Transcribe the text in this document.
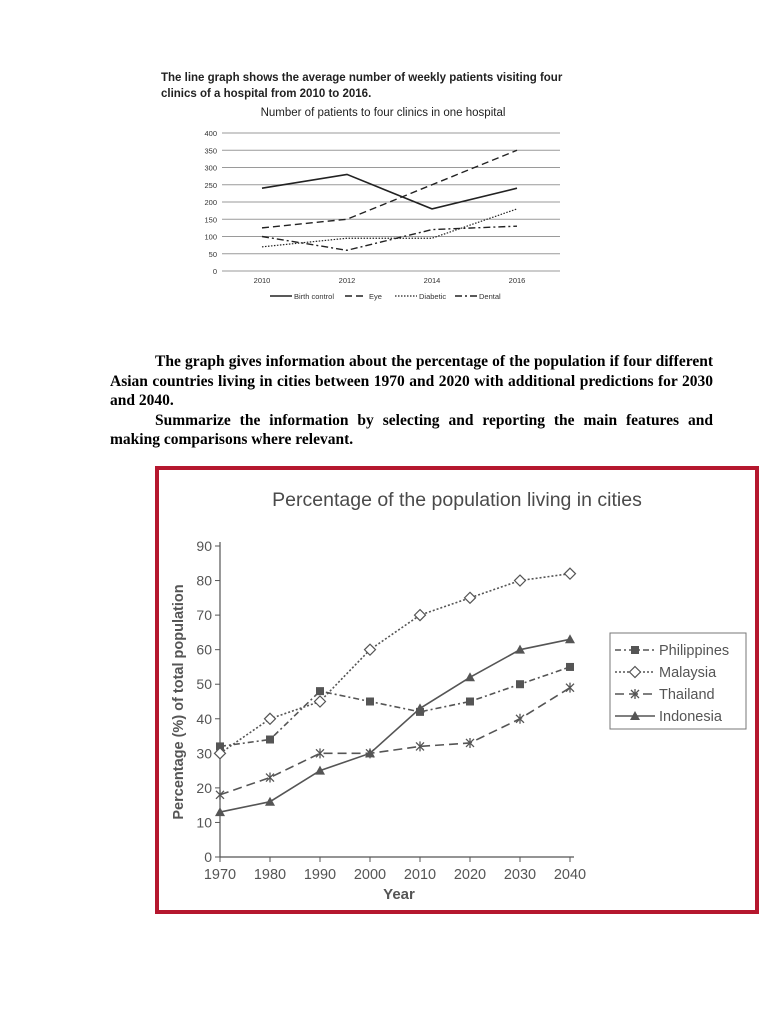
The line graph shows the average number of weekly patients visiting four
clinics of a hospital from 2010 to 2016.
Number of patients to four clinics in one hospital
0
50
100
150
200
250
300
350
400
2010	2012	2014	2016
Birth control	Eye	Diabetic	Dental

The graph gives information about the percentage of the population if four different Asian countries living in cities between 1970 and 2020 with additional predictions for 2030 and 2040.

Summarize the information by selecting and reporting the main features and making comparisons where relevant.

Percentage of the population living in cities
0
10
20
30
40
50
60
70
80
90
1970 1980 1990 2000 2010 2020 2030 2040
Year
Percentage (%) of total population	Philippines
Malaysia
Thailand
Indonesia
